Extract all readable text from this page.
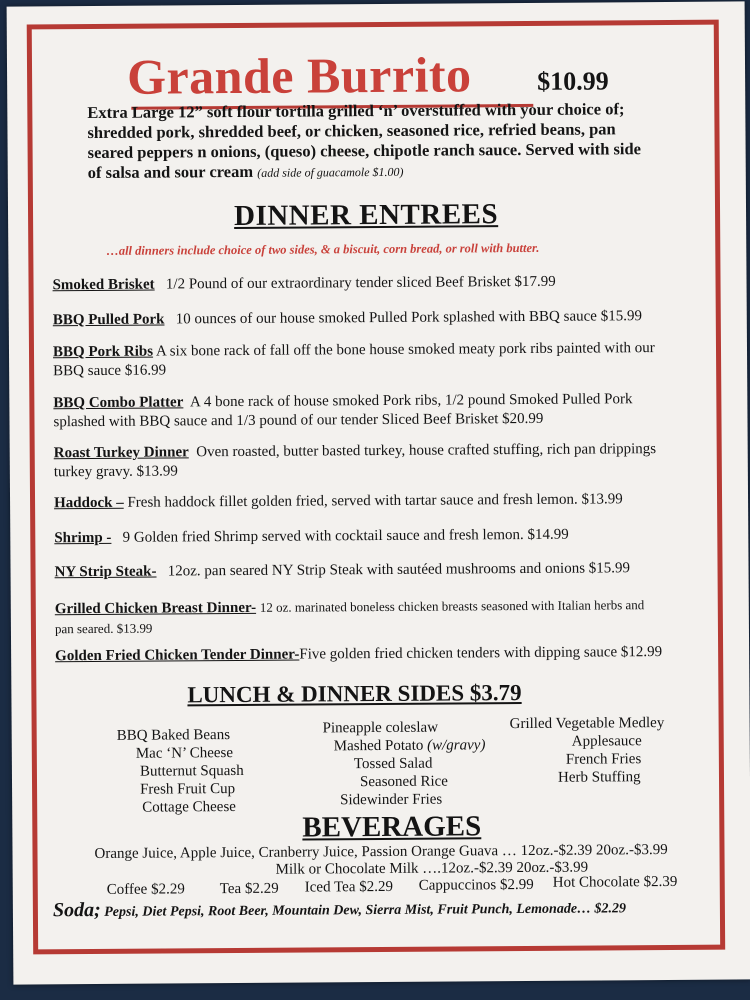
Grande Burrito	$10.99
Extra Large 12” soft flour tortilla grilled ‘n’ overstuffed with your choice of; shredded pork, shredded beef, or chicken, seasoned rice, refried beans, pan seared peppers n onions, (queso) cheese, chipotle ranch sauce. Served with side of salsa and sour cream (add side of guacamole $1.00)
DINNER ENTREES
…all dinners include choice of two sides, & a biscuit, corn bread, or roll with butter.
Smoked Brisket 1/2 Pound of our extraordinary tender sliced Beef Brisket $17.99
BBQ Pulled Pork 10 ounces of our house smoked Pulled Pork splashed with BBQ sauce $15.99
BBQ Pork Ribs A six bone rack of fall off the bone house smoked meaty pork ribs painted with our BBQ sauce $16.99
BBQ Combo Platter A 4 bone rack of house smoked Pork ribs, 1/2 pound Smoked Pulled Pork splashed with BBQ sauce and 1/3 pound of our tender Sliced Beef Brisket $20.99
Roast Turkey Dinner Oven roasted, butter basted turkey, house crafted stuffing, rich pan drippings turkey gravy. $13.99
Haddock – Fresh haddock fillet golden fried, served with tartar sauce and fresh lemon. $13.99
Shrimp - 9 Golden fried Shrimp served with cocktail sauce and fresh lemon. $14.99
NY Strip Steak- 12oz. pan seared NY Strip Steak with sautéed mushrooms and onions $15.99
Grilled Chicken Breast Dinner- 12 oz. marinated boneless chicken breasts seasoned with Italian herbs and
pan seared. $13.99
Golden Fried Chicken Tender Dinner-Five golden fried chicken tenders with dipping sauce $12.99
LUNCH & DINNER SIDES $3.79
BBQ Baked Beans
Mac ‘N’ Cheese
Butternut Squash
Fresh Fruit Cup
Cottage Cheese
Pineapple coleslaw
Mashed Potato (w/gravy)
Tossed Salad
Seasoned Rice
Sidewinder Fries
Grilled Vegetable Medley
Applesauce
French Fries
Herb Stuffing
BEVERAGES
Orange Juice, Apple Juice, Cranberry Juice, Passion Orange Guava … 12oz.-$2.39 20oz.-$3.99
Milk or Chocolate Milk ….12oz.-$2.39 20oz.-$3.99
Coffee $2.29 Tea $2.29 Iced Tea $2.29 Cappuccinos $2.99 Hot Chocolate $2.39
Soda; Pepsi, Diet Pepsi, Root Beer, Mountain Dew, Sierra Mist, Fruit Punch, Lemonade… $2.29
